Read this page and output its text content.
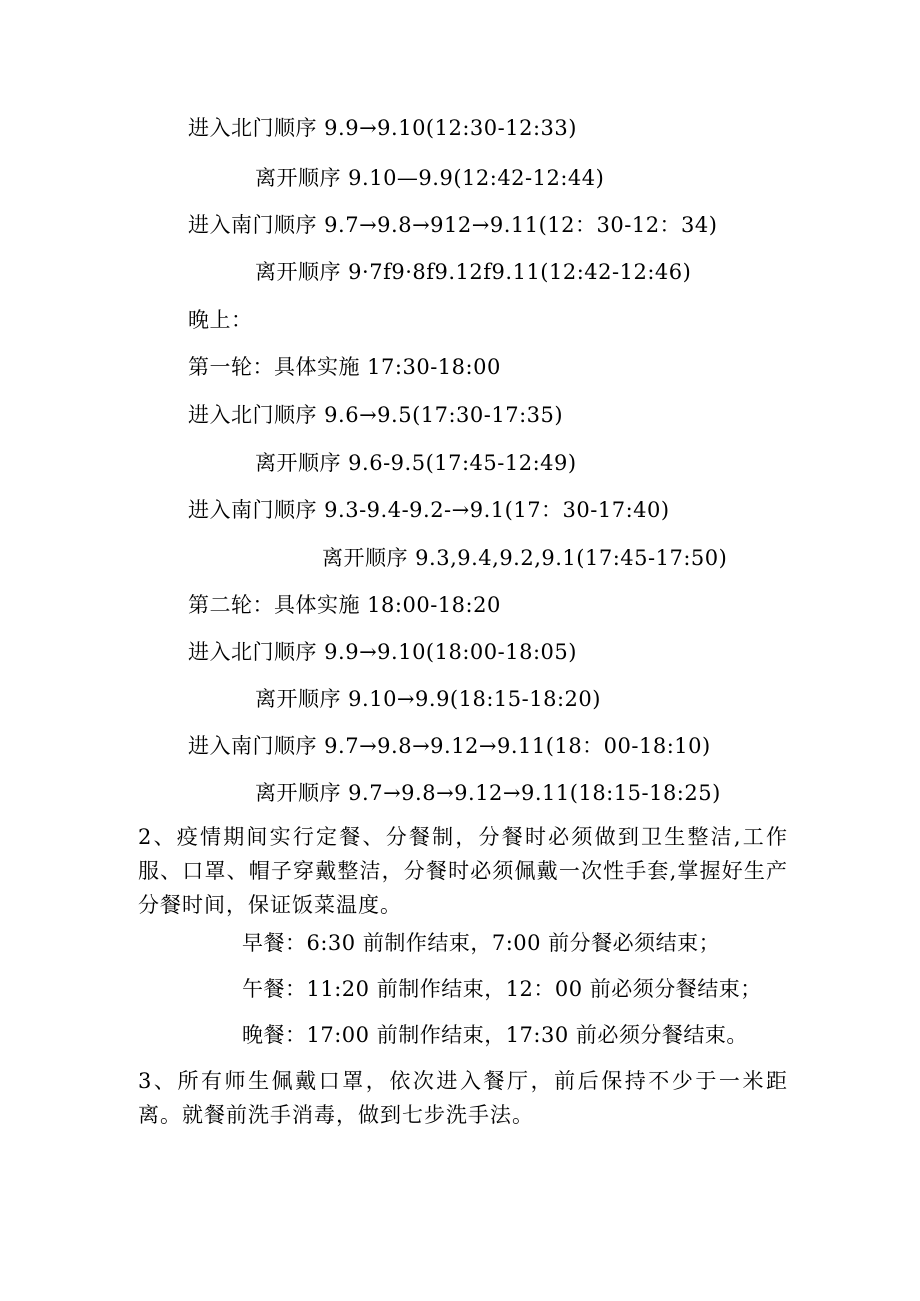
进入北门顺序 9.9→9.10(12:30-12:33)
离开顺序 9.10—9.9(12:42-12:44)
进入南门顺序 9.7→9.8→912→9.11(12：30-12：34)
离开顺序 9·7f9·8f9.12f9.11(12:42-12:46)
晚上：
第一轮：具体实施 17:30-18:00
进入北门顺序 9.6→9.5(17:30-17:35)
离开顺序 9.6-9.5(17:45-12:49)
进入南门顺序 9.3-9.4-9.2-→9.1(17：30-17:40)
离开顺序 9.3,9.4,9.2,9.1(17:45-17:50)
第二轮：具体实施 18:00-18:20
进入北门顺序 9.9→9.10(18:00-18:05)
离开顺序 9.10→9.9(18:15-18:20)
进入南门顺序 9.7→9.8→9.12→9.11(18：00-18:10)
离开顺序 9.7→9.8→9.12→9.11(18:15-18:25)

2、疫情期间实行定餐、分餐制，分餐时必须做到卫生整洁,工作服、口罩、帽子穿戴整洁，分餐时必须佩戴一次性手套,掌握好生产分餐时间，保证饭菜温度。

早餐：6:30 前制作结束，7:00 前分餐必须结束；
午餐：11:20 前制作结束，12：00 前必须分餐结束；
晚餐：17:00 前制作结束，17:30 前必须分餐结束。

3、所有师生佩戴口罩，依次进入餐厅，前后保持不少于一米距离。就餐前洗手消毒，做到七步洗手法。
